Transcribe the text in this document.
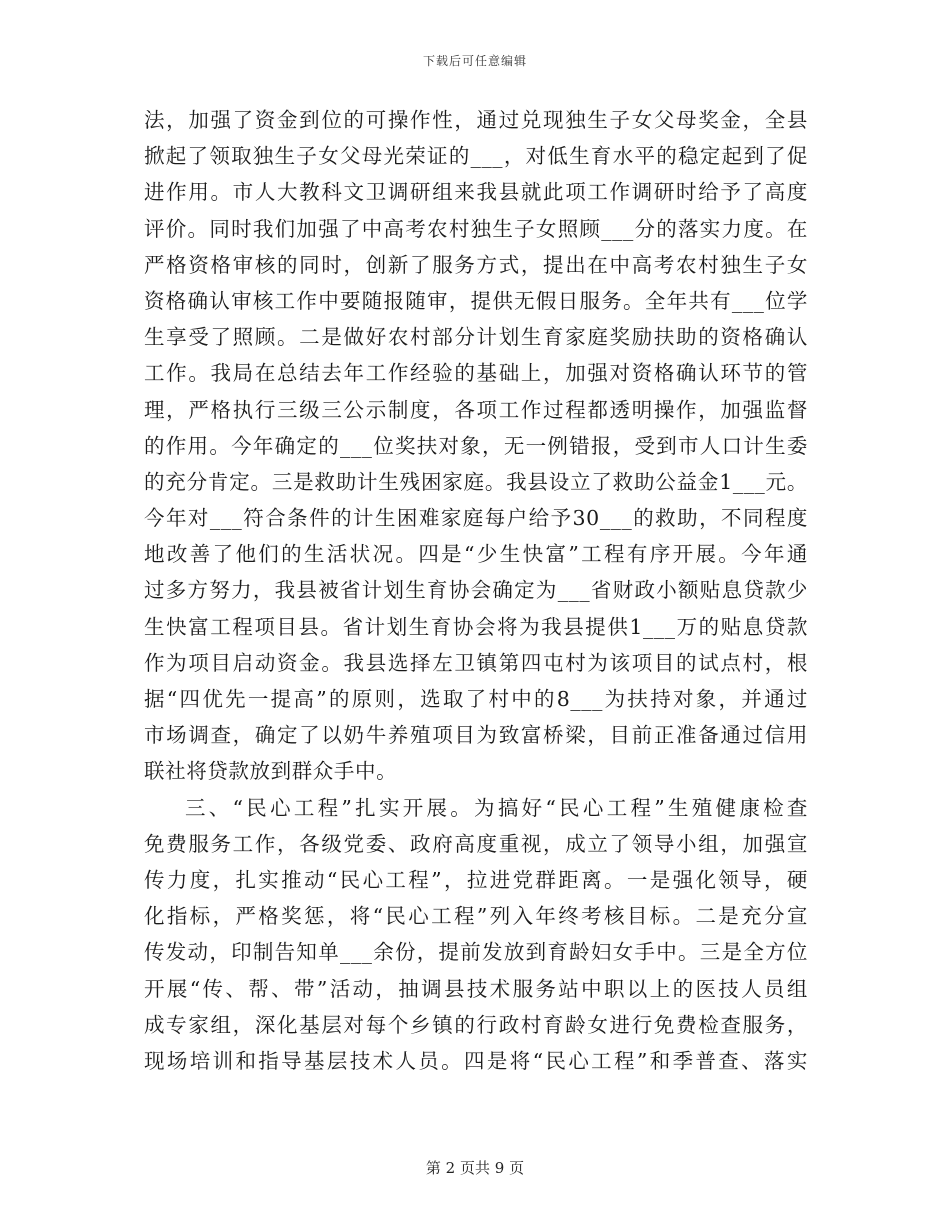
下载后可任意编辑
法，加强了资金到位的可操作性，通过兑现独生子女父母奖金，全县
掀起了领取独生子女父母光荣证的___，对低生育水平的稳定起到了促
进作用。市人大教科文卫调研组来我县就此项工作调研时给予了高度
评价。同时我们加强了中高考农村独生子女照顾___分的落实力度。在
严格资格审核的同时，创新了服务方式，提出在中高考农村独生子女
资格确认审核工作中要随报随审，提供无假日服务。全年共有___位学
生享受了照顾。二是做好农村部分计划生育家庭奖励扶助的资格确认
工作。我局在总结去年工作经验的基础上，加强对资格确认环节的管
理，严格执行三级三公示制度，各项工作过程都透明操作，加强监督
的作用。今年确定的___位奖扶对象，无一例错报，受到市人口计生委
的充分肯定。三是救助计生残困家庭。我县设立了救助公益金1___元。
今年对___符合条件的计生困难家庭每户给予30___的救助，不同程度
地改善了他们的生活状况。四是“少生快富”工程有序开展。今年通
过多方努力，我县被省计划生育协会确定为___省财政小额贴息贷款少
生快富工程项目县。省计划生育协会将为我县提供1___万的贴息贷款
作为项目启动资金。我县选择左卫镇第四屯村为该项目的试点村，根
据“四优先一提高”的原则，选取了村中的8___为扶持对象，并通过
市场调查，确定了以奶牛养殖项目为致富桥梁，目前正准备通过信用
联社将贷款放到群众手中。
三、“民心工程”扎实开展。为搞好“民心工程”生殖健康检查
免费服务工作，各级党委、政府高度重视，成立了领导小组，加强宣
传力度，扎实推动“民心工程”，拉进党群距离。一是强化领导，硬
化指标，严格奖惩，将“民心工程”列入年终考核目标。二是充分宣
传发动，印制告知单___余份，提前发放到育龄妇女手中。三是全方位
开展“传、帮、带”活动，抽调县技术服务站中职以上的医技人员组
成专家组，深化基层对每个乡镇的行政村育龄女进行免费检查服务，
现场培训和指导基层技术人员。四是将“民心工程”和季普查、落实
第 2 页共 9 页
